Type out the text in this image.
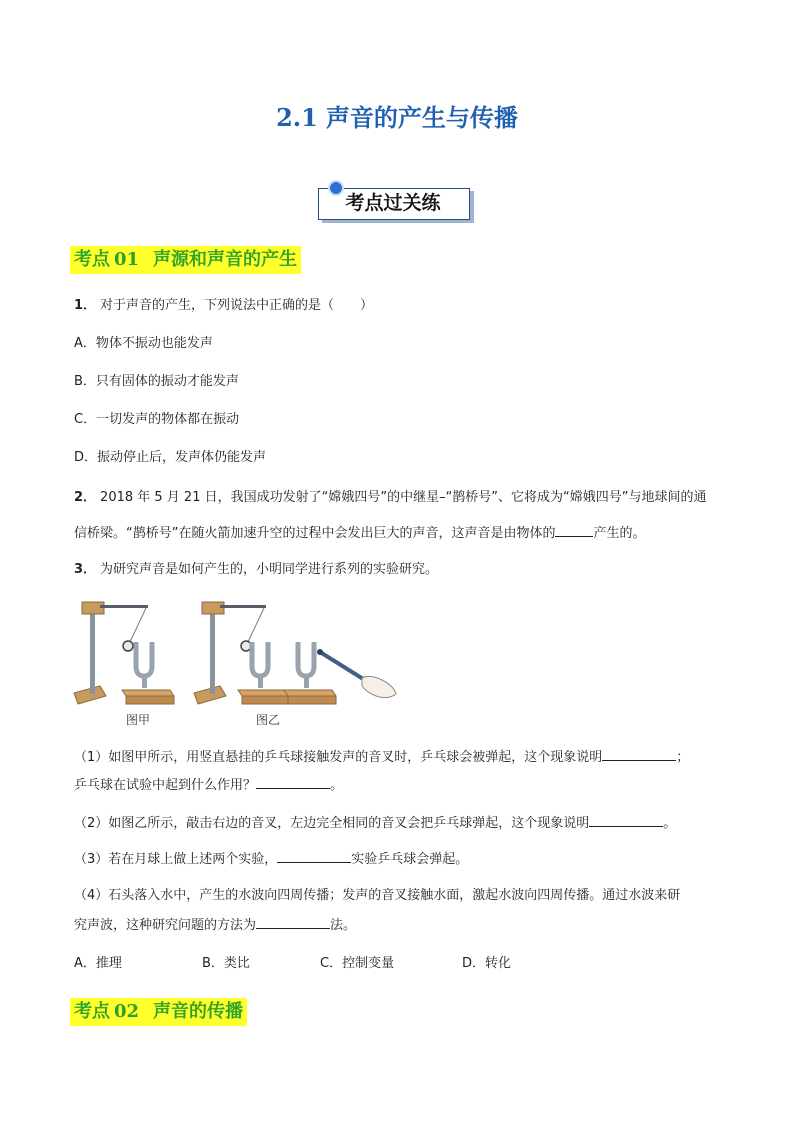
2.1 声音的产生与传播
考点过关练
考点 01 声源和声音的产生
1． 对于声音的产生，下列说法中正确的是（　　）
A．物体不振动也能发声
B．只有固体的振动才能发声
C．一切发声的物体都在振动
D．振动停止后，发声体仍能发声
2． 2018 年 5 月 21 日，我国成功发射了“嫦娥四号”的中继星–“鹊桥号”、它将成为“嫦娥四号”与地球间的通
信桥梁。“鹊桥号”在随火箭加速升空的过程中会发出巨大的声音，这声音是由物体的	产生的。
3． 为研究声音是如何产生的，小明同学进行系列的实验研究。
图甲	图乙
（1）如图甲所示，用竖直悬挂的乒乓球接触发声的音叉时，乒乓球会被弹起，这个现象说明	；
乒乓球在试验中起到什么作用？	。
（2）如图乙所示，敲击右边的音叉，左边完全相同的音叉会把乒乓球弹起，这个现象说明	。
（3）若在月球上做上述两个实验，	实验乒乓球会弹起。
（4）石头落入水中，产生的水波向四周传播；发声的音叉接触水面，激起水波向四周传播。通过水波来研
究声波，这种研究问题的方法为	法。
A．推理	B．类比	C．控制变量	D．转化
考点 02 声音的传播
